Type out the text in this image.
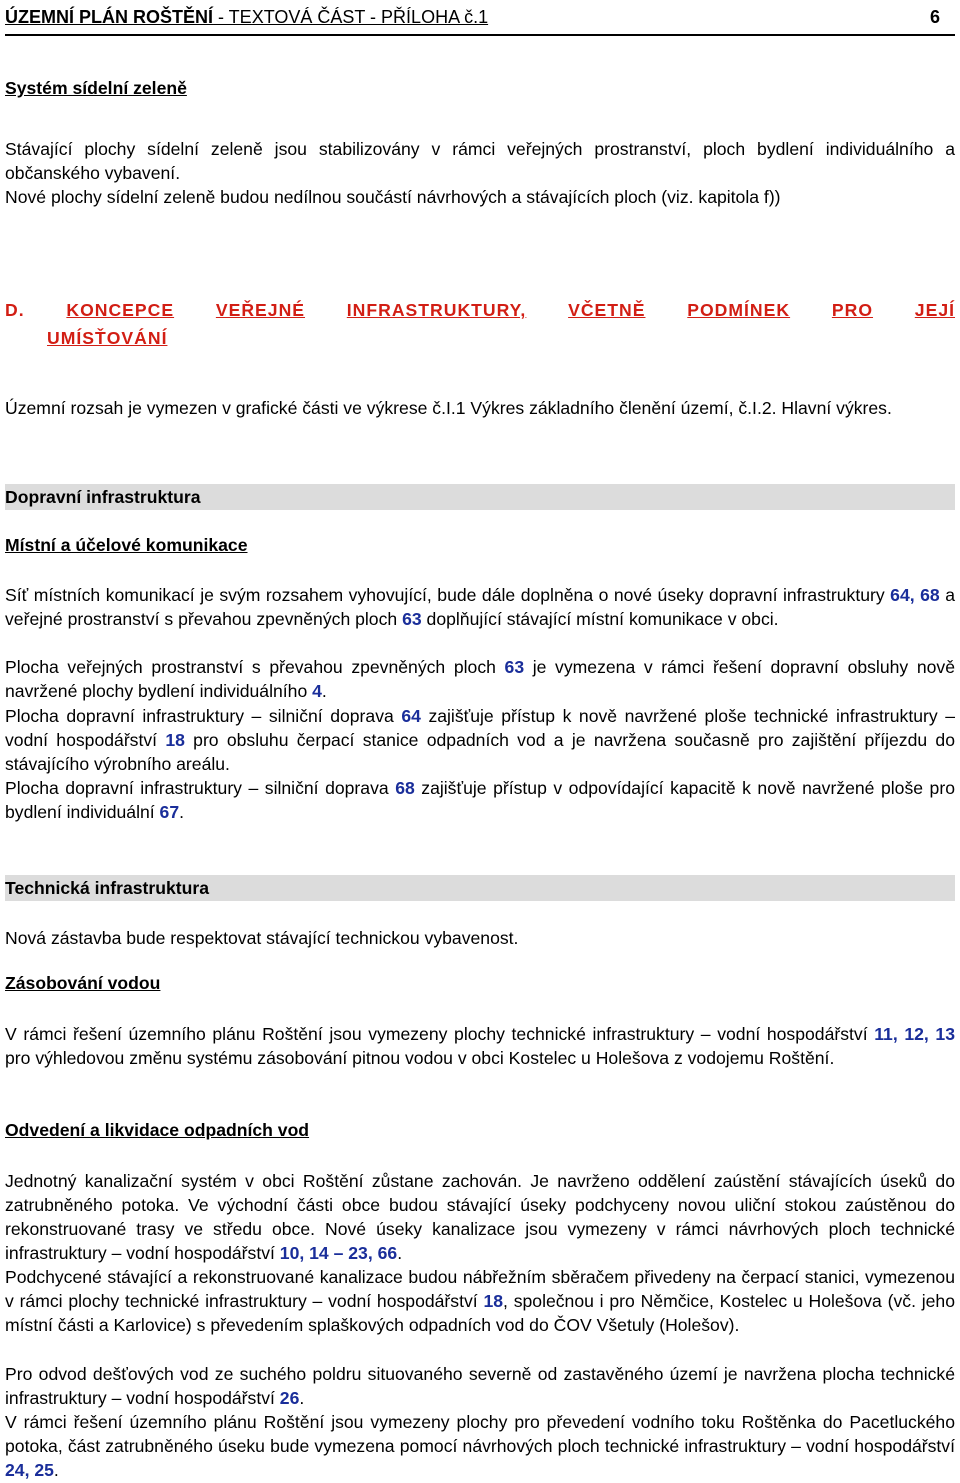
ÚZEMNÍ PLÁN ROŠTĚNÍ - TEXTOVÁ ČÁST - PŘÍLOHA č.1	6
Systém sídelní zeleně
Stávající plochy sídelní zeleně jsou stabilizovány v rámci veřejných prostranství, ploch bydlení individuálního a občanského vybavení.
Nové plochy sídelní zeleně budou nedílnou součástí návrhových a stávajících ploch (viz. kapitola f))
D. KONCEPCE VEŘEJNÉ INFRASTRUKTURY, VČETNĚ PODMÍNEK PRO JEJÍ
UMÍSŤOVÁNÍ
Územní rozsah je vymezen v grafické části ve výkrese č.I.1 Výkres základního členění území, č.I.2. Hlavní výkres.
Dopravní infrastruktura
Místní a účelové komunikace
Síť místních komunikací je svým rozsahem vyhovující, bude dále doplněna o nové úseky dopravní infrastruktury 64, 68 a veřejné prostranství s převahou zpevněných ploch 63 doplňující stávající místní komunikace v obci.
Plocha veřejných prostranství s převahou zpevněných ploch 63 je vymezena v rámci řešení dopravní obsluhy nově navržené plochy bydlení individuálního 4.
Plocha dopravní infrastruktury – silniční doprava 64 zajišťuje přístup k nově navržené ploše technické infrastruktury – vodní hospodářství 18 pro obsluhu čerpací stanice odpadních vod a je navržena současně pro zajištění příjezdu do stávajícího výrobního areálu.
Plocha dopravní infrastruktury – silniční doprava 68 zajišťuje přístup v odpovídající kapacitě k nově navržené ploše pro bydlení individuální 67.
Technická infrastruktura
Nová zástavba bude respektovat stávající technickou vybavenost.
Zásobování vodou
V rámci řešení územního plánu Roštění jsou vymezeny plochy technické infrastruktury – vodní hospodářství 11, 12, 13 pro výhledovou změnu systému zásobování pitnou vodou v obci Kostelec u Holešova z vodojemu Roštění.
Odvedení a likvidace odpadních vod
Jednotný kanalizační systém v obci Roštění zůstane zachován. Je navrženo oddělení zaústění stávajících úseků do zatrubněného potoka. Ve východní části obce budou stávající úseky podchyceny novou uliční stokou zaústěnou do rekonstruované trasy ve středu obce. Nové úseky kanalizace jsou vymezeny v rámci návrhových ploch technické infrastruktury – vodní hospodářství 10, 14 – 23, 66.
Podchycené stávající a rekonstruované kanalizace budou nábřežním sběračem přivedeny na čerpací stanici, vymezenou v rámci plochy technické infrastruktury – vodní hospodářství 18, společnou i pro Němčice, Kostelec u Holešova (vč. jeho místní části a Karlovice) s převedením splaškových odpadních vod do ČOV Všetuly (Holešov).
Pro odvod dešťových vod ze suchého poldru situovaného severně od zastavěného území je navržena plocha technické infrastruktury – vodní hospodářství 26.
V rámci řešení územního plánu Roštění jsou vymezeny plochy pro převedení vodního toku Roštěnka do Pacetluckého potoka, část zatrubněného úseku bude vymezena pomocí návrhových ploch technické infrastruktury – vodní hospodářství 24, 25.
